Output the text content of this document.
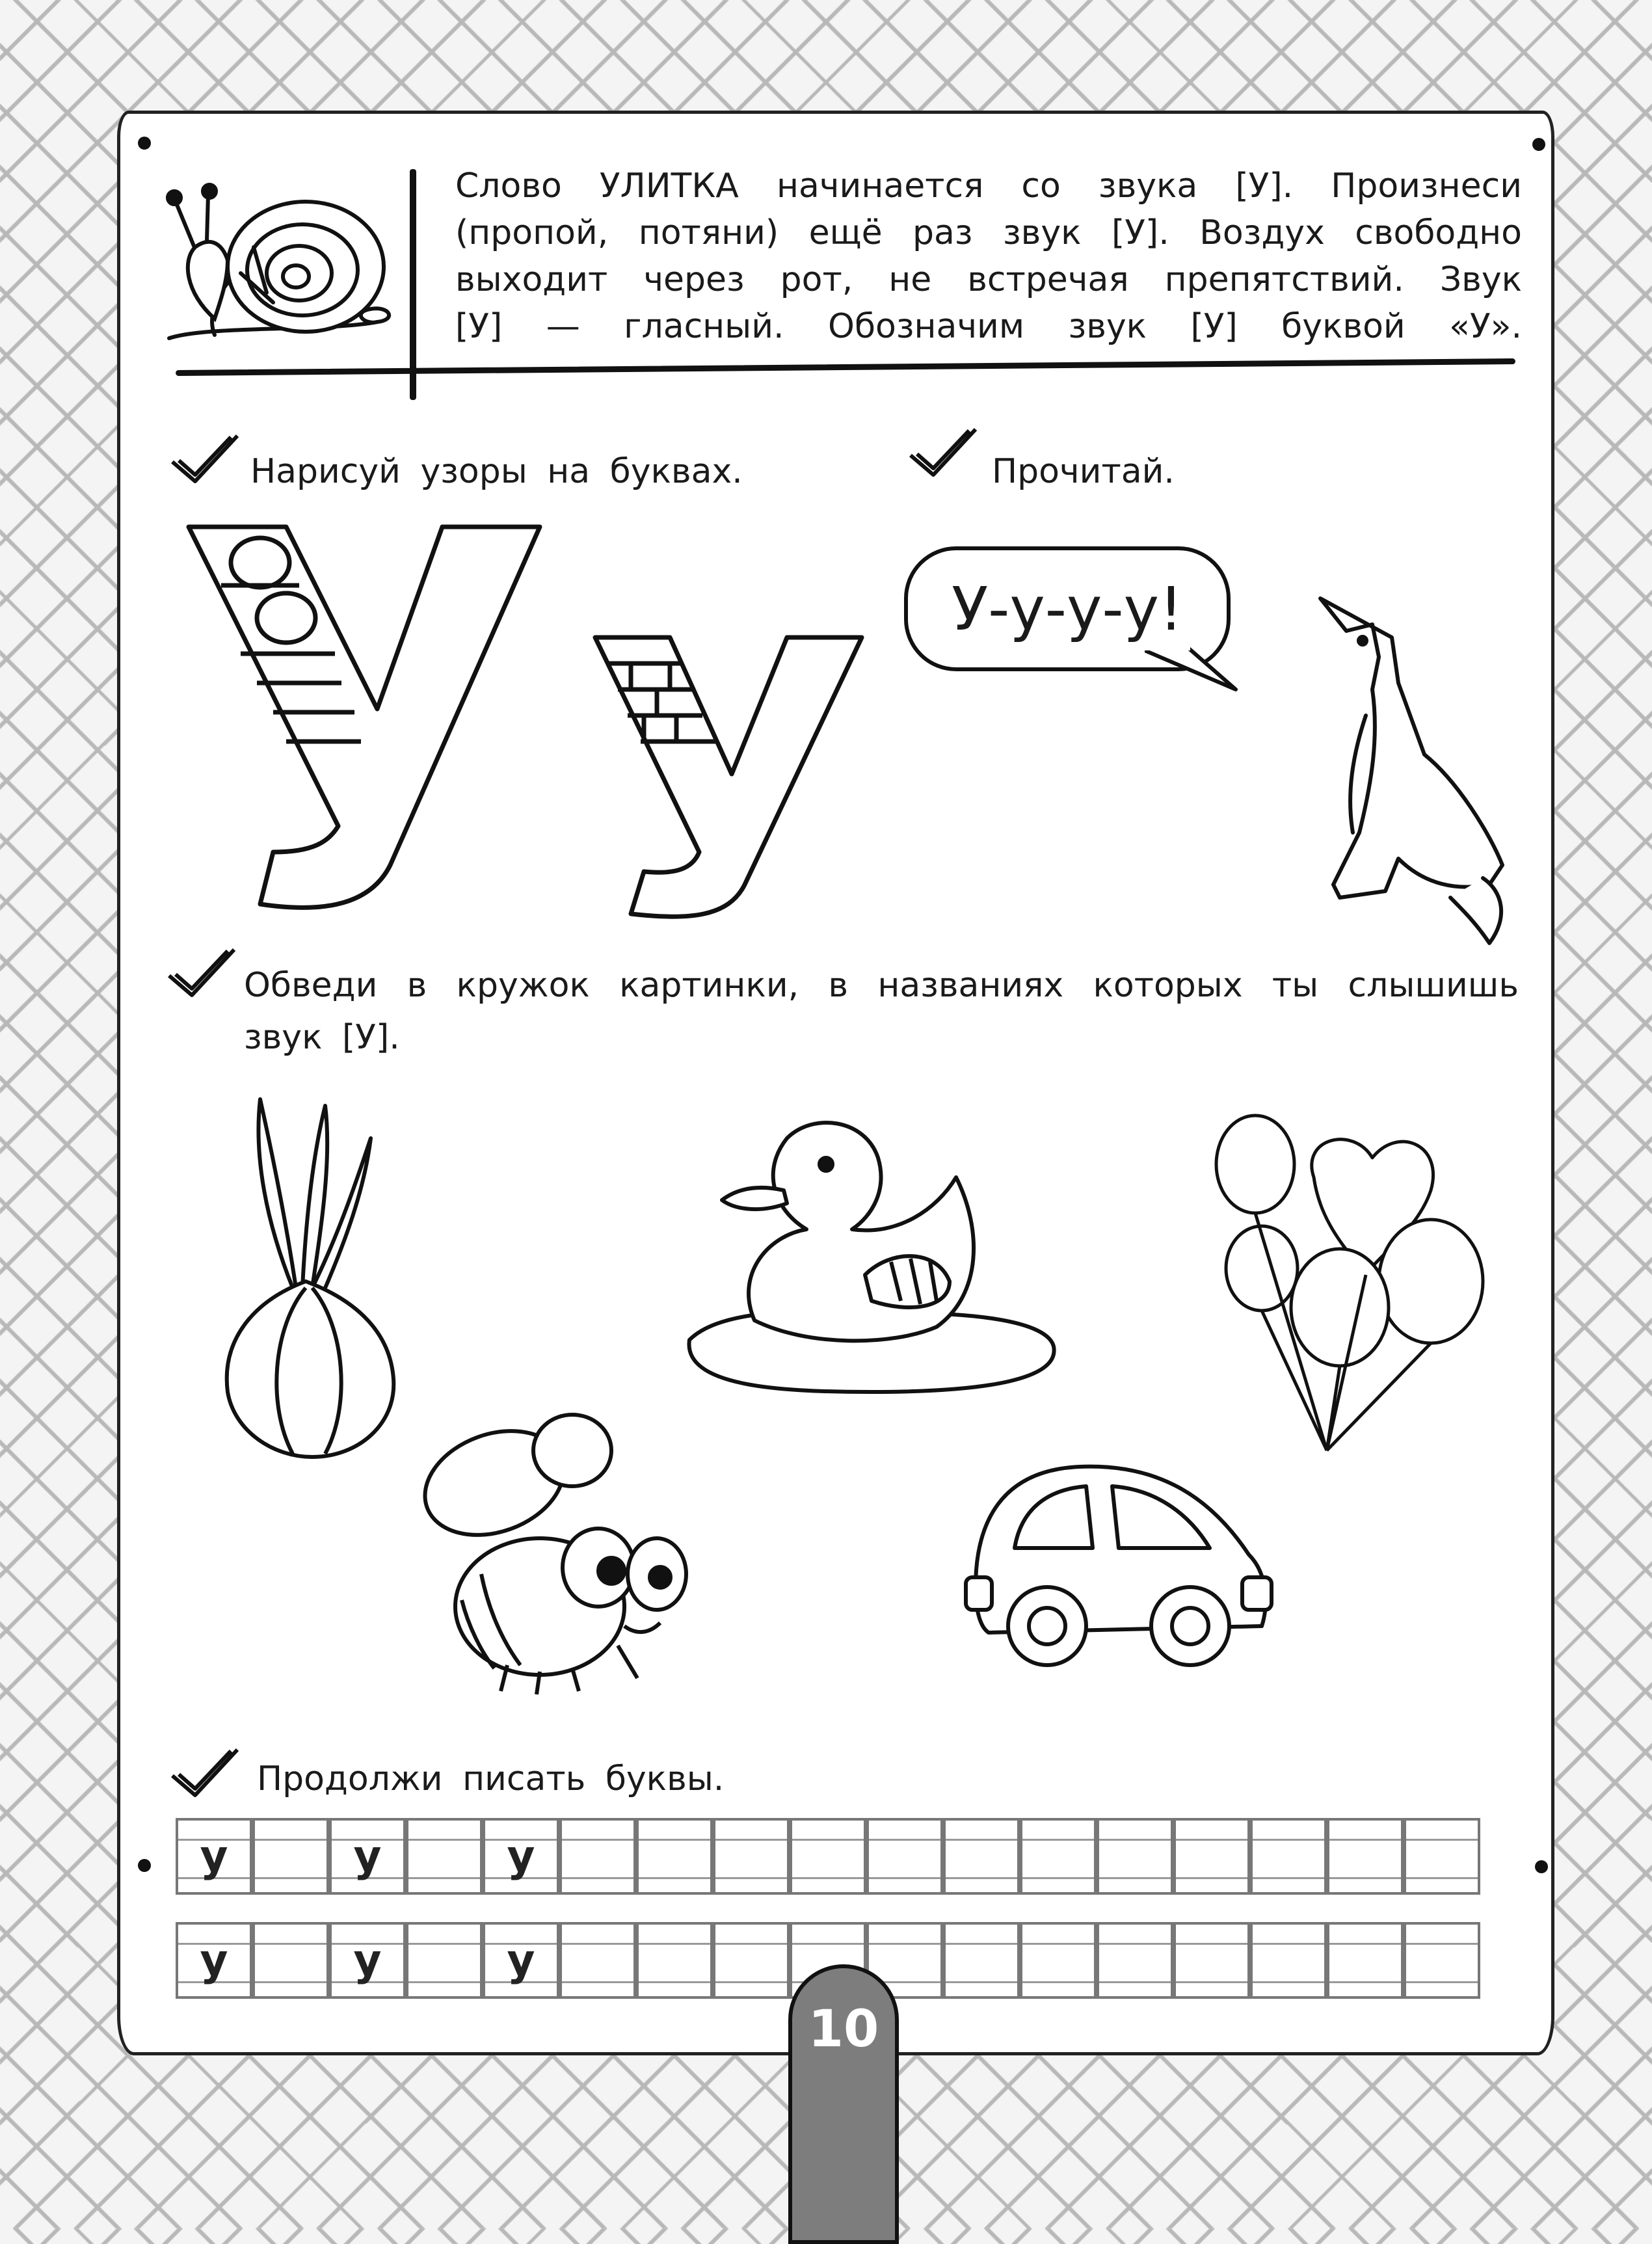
Слово УЛИТКА начинается со звука [У]. Произнеси
(пропой, потяни) ещё раз звук [У]. Воздух свободно
выходит через рот, не встречая препятствий. Звук
[У] — гласный. Обозначим звук [У] буквой «У».
Нарисуй узоры на буквах.	Прочитай.
У-у-у-у!
Обведи в кружок картинки, в названиях которых ты слышишь
звук [У].
Продолжи писать буквы.
у	у	у
у	у	у
10
